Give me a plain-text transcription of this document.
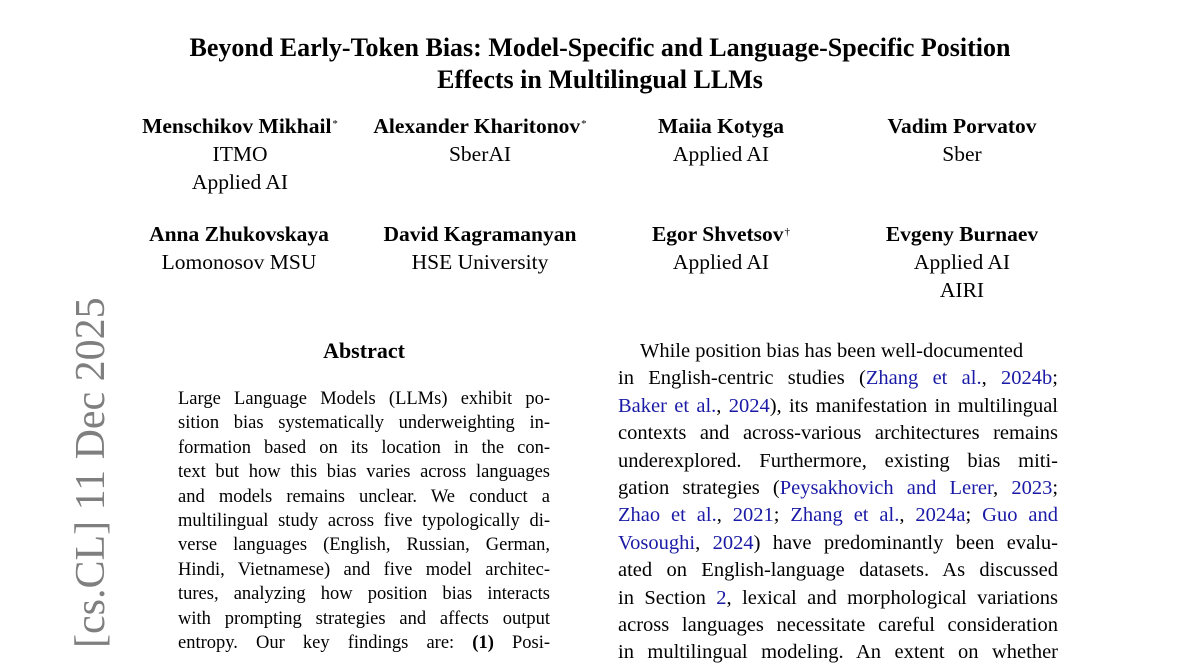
Beyond Early-Token Bias: Model-Specific and Language-Specific Position
Effects in Multilingual LLMs
Menschikov Mikhail*
ITMO
Applied AI
Alexander Kharitonov*
SberAI
Maiia Kotyga
Applied AI
Vadim Porvatov
Sber
Anna Zhukovskaya
Lomonosov MSU
David Kagramanyan
HSE University
Egor Shvetsov†
Applied AI
Evgeny Burnaev
Applied AI
AIRI
Abstract
Large Language Models (LLMs) exhibit po-
sition bias systematically underweighting in-
formation based on its location in the con-
text but how this bias varies across languages
and models remains unclear. We conduct a
multilingual study across five typologically di-
verse languages (English, Russian, German,
Hindi, Vietnamese) and five model architec-
tures, analyzing how position bias interacts
with prompting strategies and affects output
entropy. Our key findings are: (1) Posi-
While position bias has been well-documented
in English-centric studies (Zhang et al., 2024b;
Baker et al., 2024), its manifestation in multilingual
contexts and across-various architectures remains
underexplored. Furthermore, existing bias miti-
gation strategies (Peysakhovich and Lerer, 2023;
Zhao et al., 2021; Zhang et al., 2024a; Guo and
Vosoughi, 2024) have predominantly been evalu-
ated on English-language datasets. As discussed
in Section 2, lexical and morphological variations
across languages necessitate careful consideration
in multilingual modeling. An extent on whether
[cs.CL] 11 Dec 2025
